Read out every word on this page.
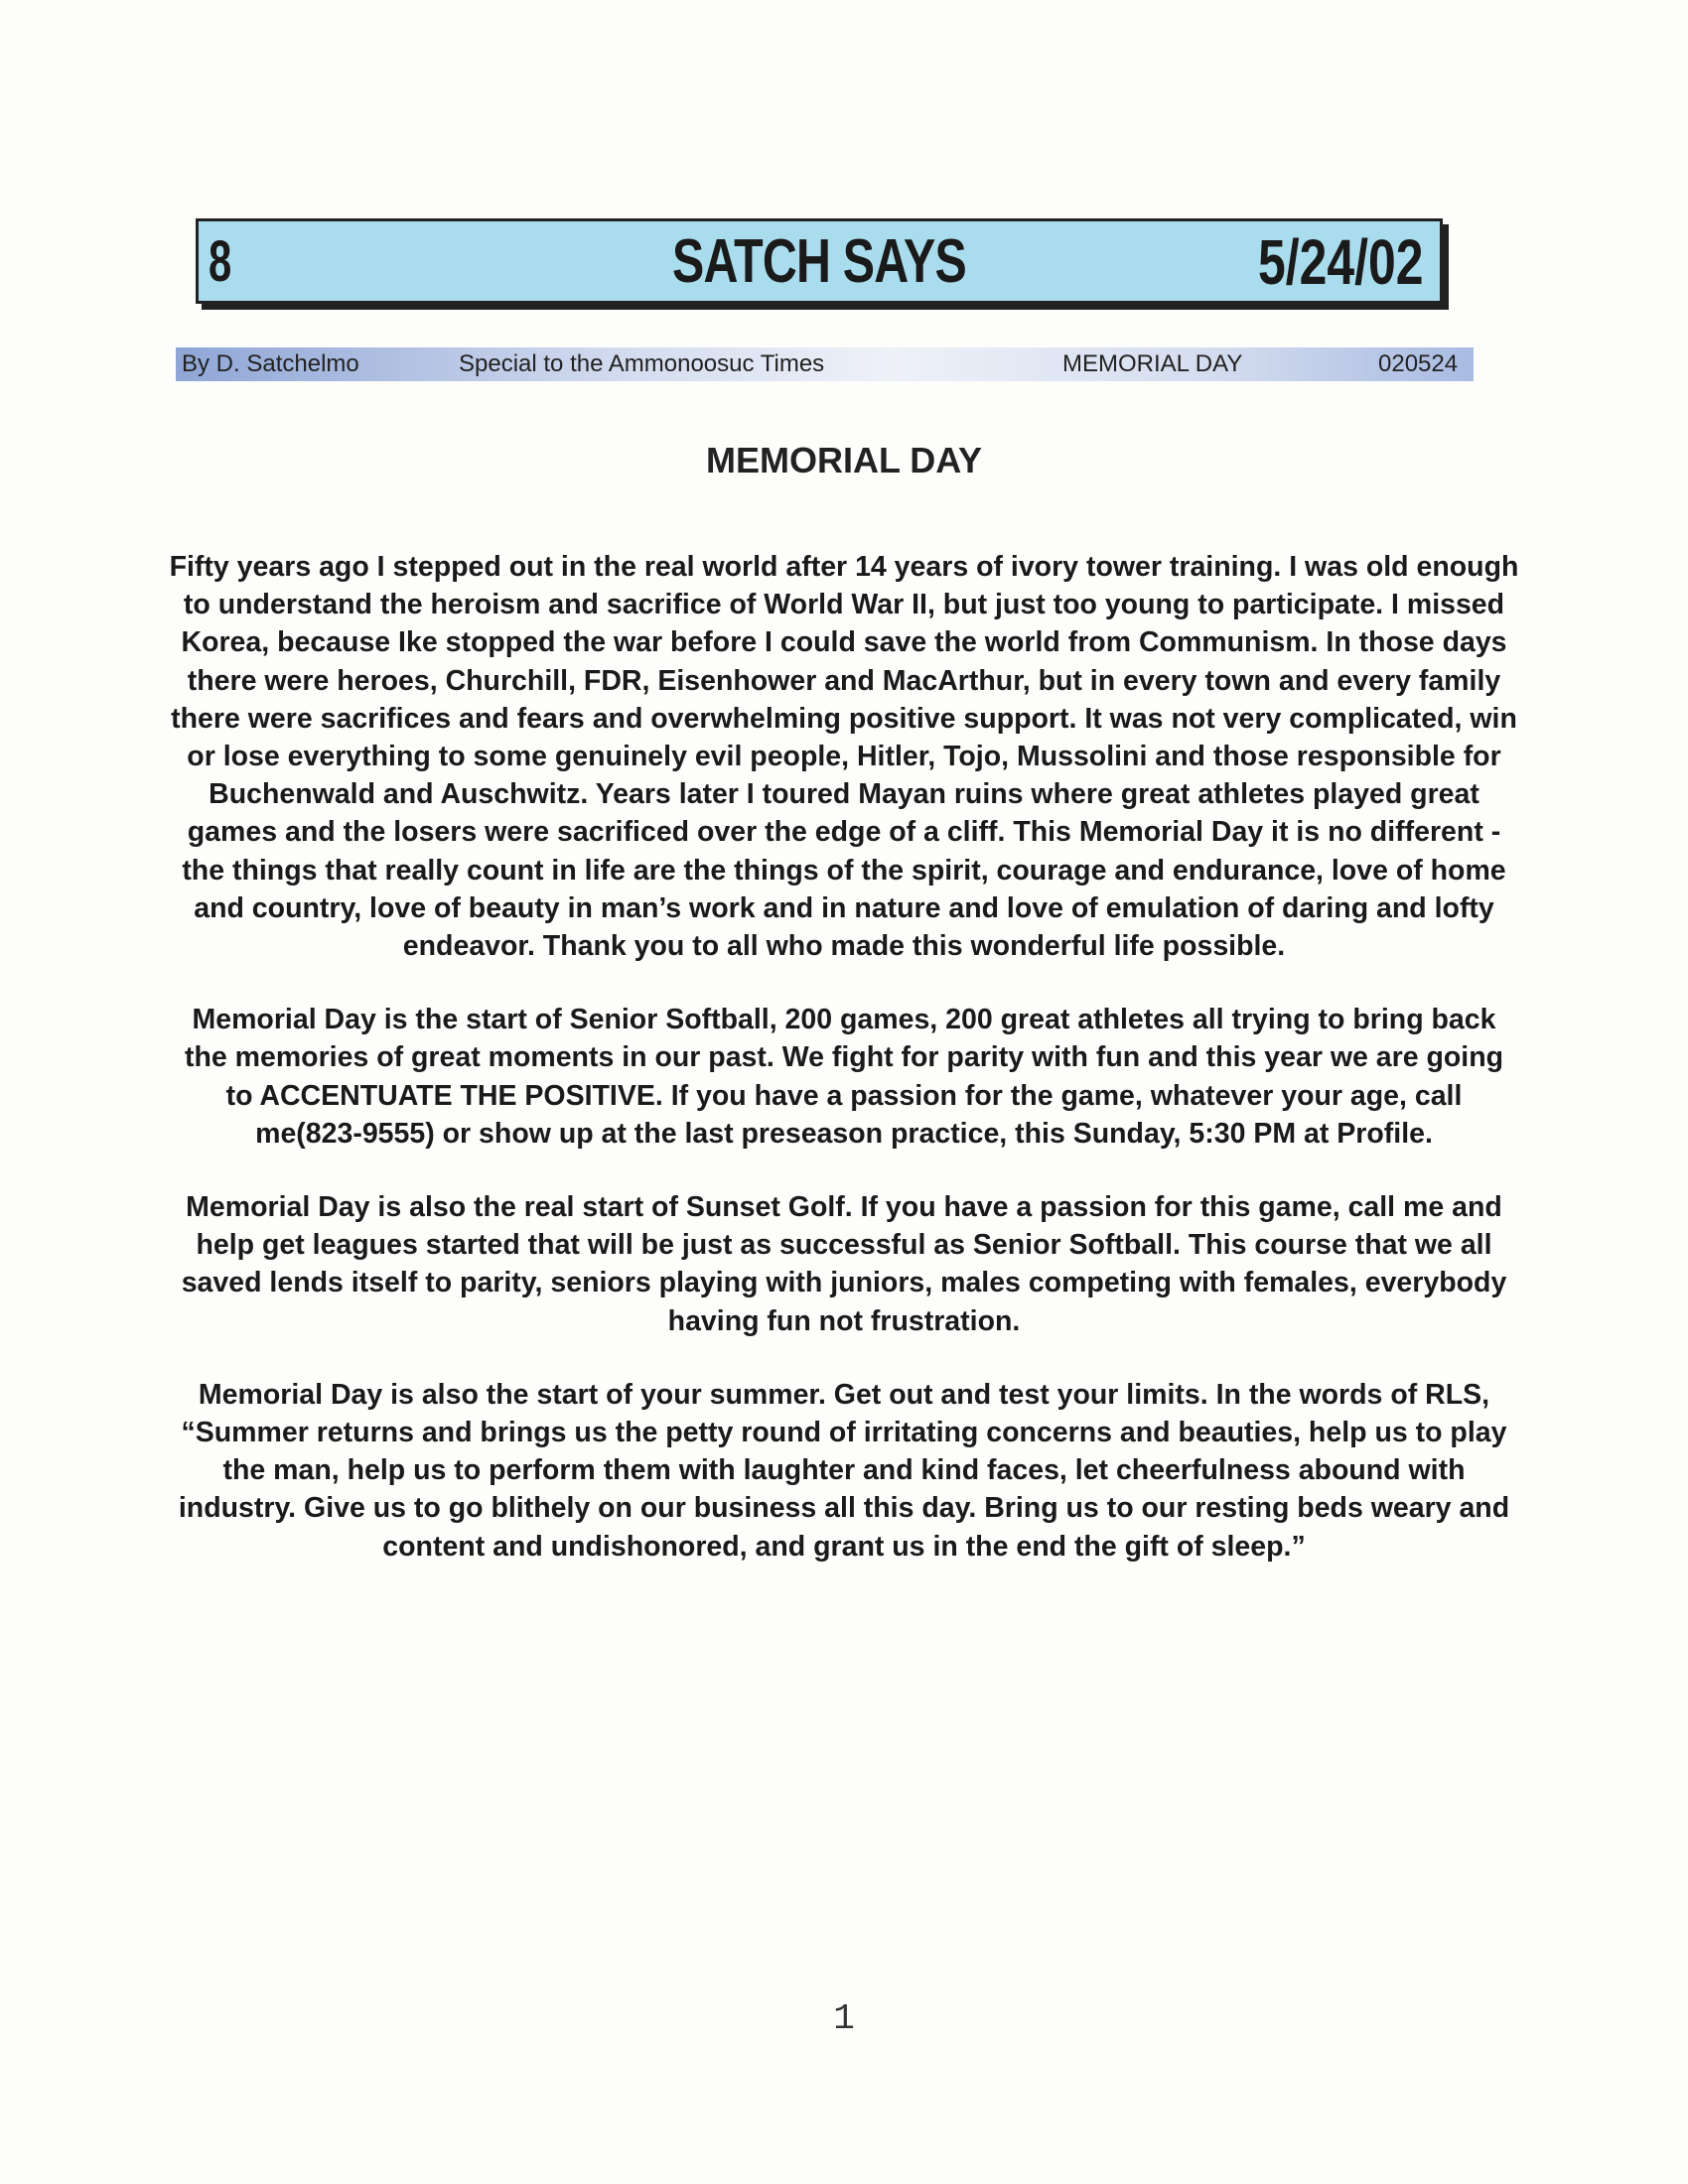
8	SATCH SAYS	5/24/02
By D. Satchelmo	Special to the Ammonoosuc Times	MEMORIAL DAY	020524
MEMORIAL DAY

Fifty years ago I stepped out in the real world after 14 years of ivory tower training. I was old enough to understand the heroism and sacrifice of World War II, but just too young to participate. I missed Korea, because Ike stopped the war before I could save the world from Communism. In those days there were heroes, Churchill, FDR, Eisenhower and MacArthur, but in every town and every family there were sacrifices and fears and overwhelming positive support. It was not very complicated, win or lose everything to some genuinely evil people, Hitler, Tojo, Mussolini and those responsible for Buchenwald and Auschwitz. Years later I toured Mayan ruins where great athletes played great games and the losers were sacrificed over the edge of a cliff. This Memorial Day it is no different - the things that really count in life are the things of the spirit, courage and endurance, love of home and country, love of beauty in man’s work and in nature and love of emulation of daring and lofty endeavor. Thank you to all who made this wonderful life possible.

Memorial Day is the start of Senior Softball, 200 games, 200 great athletes all trying to bring back the memories of great moments in our past. We fight for parity with fun and this year we are going to ACCENTUATE THE POSITIVE. If you have a passion for the game, whatever your age, call me(823-9555) or show up at the last preseason practice, this Sunday, 5:30 PM at Profile.

Memorial Day is also the real start of Sunset Golf. If you have a passion for this game, call me and help get leagues started that will be just as successful as Senior Softball. This course that we all saved lends itself to parity, seniors playing with juniors, males competing with females, everybody having fun not frustration.

Memorial Day is also the start of your summer. Get out and test your limits. In the words of RLS, “Summer returns and brings us the petty round of irritating concerns and beauties, help us to play the man, help us to perform them with laughter and kind faces, let cheerfulness abound with industry. Give us to go blithely on our business all this day. Bring us to our resting beds weary and content and undishonored, and grant us in the end the gift of sleep.”

1
